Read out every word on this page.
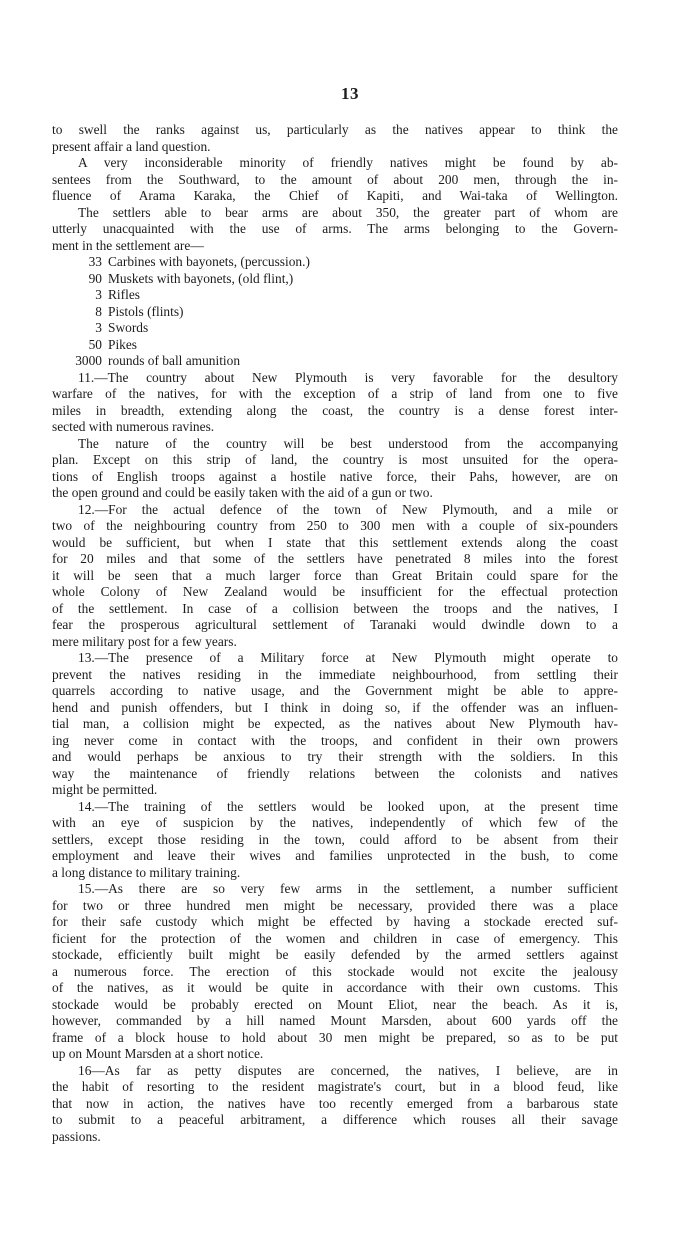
13
to swell the ranks against us, particularly as the natives appear to think the
present affair a land question.
A very inconsiderable minority of friendly natives might be found by ab-
sentees from the Southward, to the amount of about 200 men, through the in-
fluence of Arama Karaka, the Chief of Kapiti, and Wai-taka of Wellington.
The settlers able to bear arms are about 350, the greater part of whom are
utterly unacquainted with the use of arms. The arms belonging to the Govern-
ment in the settlement are—
33 Carbines with bayonets, (percussion.)
90 Muskets with bayonets, (old flint,)
3 Rifles
8 Pistols (flints)
3 Swords
50 Pikes
3000 rounds of ball amunition
11.—The country about New Plymouth is very favorable for the desultory
warfare of the natives, for with the exception of a strip of land from one to five
miles in breadth, extending along the coast, the country is a dense forest inter-
sected with numerous ravines.
The nature of the country will be best understood from the accompanying
plan. Except on this strip of land, the country is most unsuited for the opera-
tions of English troops against a hostile native force, their Pahs, however, are on
the open ground and could be easily taken with the aid of a gun or two.
12.—For the actual defence of the town of New Plymouth, and a mile or
two of the neighbouring country from 250 to 300 men with a couple of six-pounders
would be sufficient, but when I state that this settlement extends along the coast
for 20 miles and that some of the settlers have penetrated 8 miles into the forest
it will be seen that a much larger force than Great Britain could spare for the
whole Colony of New Zealand would be insufficient for the effectual protection
of the settlement. In case of a collision between the troops and the natives, I
fear the prosperous agricultural settlement of Taranaki would dwindle down to a
mere military post for a few years.
13.—The presence of a Military force at New Plymouth might operate to
prevent the natives residing in the immediate neighbourhood, from settling their
quarrels according to native usage, and the Government might be able to appre-
hend and punish offenders, but I think in doing so, if the offender was an influen-
tial man, a collision might be expected, as the natives about New Plymouth hav-
ing never come in contact with the troops, and confident in their own prowers
and would perhaps be anxious to try their strength with the soldiers. In this
way the maintenance of friendly relations between the colonists and natives
might be permitted.
14.—The training of the settlers would be looked upon, at the present time
with an eye of suspicion by the natives, independently of which few of the
settlers, except those residing in the town, could afford to be absent from their
employment and leave their wives and families unprotected in the bush, to come
a long distance to military training.
15.—As there are so very few arms in the settlement, a number sufficient
for two or three hundred men might be necessary, provided there was a place
for their safe custody which might be effected by having a stockade erected suf-
ficient for the protection of the women and children in case of emergency. This
stockade, efficiently built might be easily defended by the armed settlers against
a numerous force. The erection of this stockade would not excite the jealousy
of the natives, as it would be quite in accordance with their own customs. This
stockade would be probably erected on Mount Eliot, near the beach. As it is,
however, commanded by a hill named Mount Marsden, about 600 yards off the
frame of a block house to hold about 30 men might be prepared, so as to be put
up on Mount Marsden at a short notice.
16—As far as petty disputes are concerned, the natives, I believe, are in
the habit of resorting to the resident magistrate's court, but in a blood feud, like
that now in action, the natives have too recently emerged from a barbarous state
to submit to a peaceful arbitrament, a difference which rouses all their savage
passions.
